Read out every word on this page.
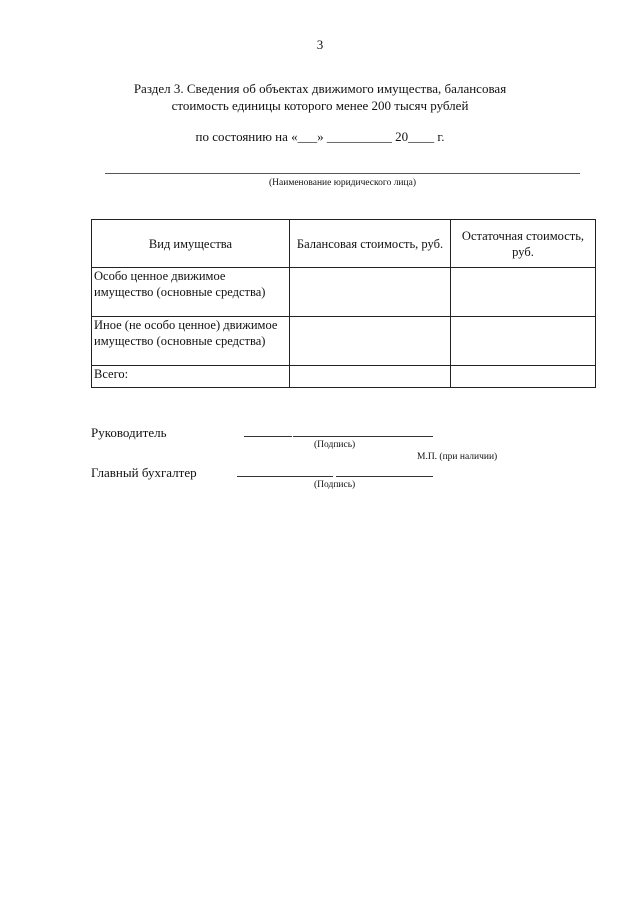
3
Раздел 3. Сведения об объектах движимого имущества, балансовая
стоимость единицы которого менее 200 тысяч рублей
по состоянию на «___» __________ 20____ г.
(Наименование юридического лица)
Вид имущества	Балансовая стоимость, руб.	Остаточная стоимость, руб.
Особо ценное движимое имущество (основные средства)		
Иное (не особо ценное) движимое имущество (основные средства)		
Всего:		
Руководитель
(Подпись)
М.П. (при наличии)
Главный бухгалтер
(Подпись)
